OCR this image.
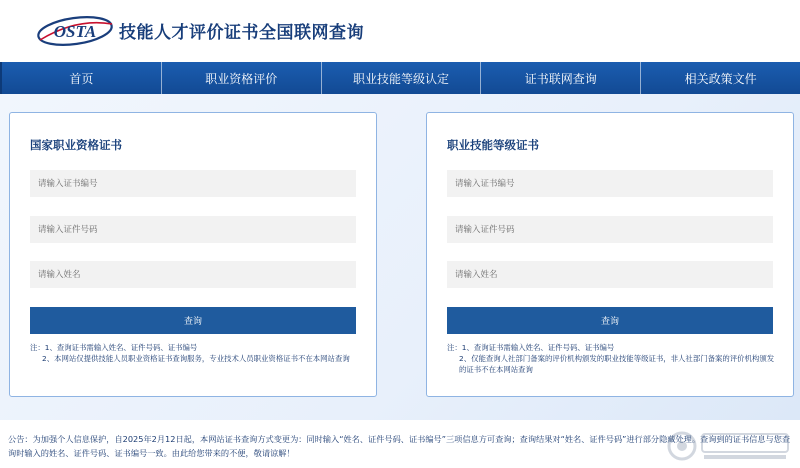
OSTA 技能人才评价证书全国联网查询
首页	职业资格评价	职业技能等级认定	证书联网查询	相关政策文件
国家职业资格证书
请输入证书编号
请输入证件号码
请输入姓名
查询
注：1、查询证书需输入姓名、证件号码、证书编号
2、本网站仅提供技能人员职业资格证书查询服务，专业技术人员职业资格证书不在本网站查询
职业技能等级证书
请输入证书编号
请输入证件号码
请输入姓名
查询
注：1、查询证书需输入姓名、证件号码、证书编号
2、仅能查询人社部门备案的评价机构颁发的职业技能等级证书，非人社部门备案的评价机构颁发的证书不在本网站查询
公告：为加强个人信息保护，自2025年2月12日起，本网站证书查询方式变更为：同时输入“姓名、证件号码、证书编号”三项信息方可查询；查询结果对“姓名、证件号码”进行部分隐藏处理。查询到的证书信息与您查询时输入的姓名、证件号码、证书编号一致。由此给您带来的不便，敬请谅解！
